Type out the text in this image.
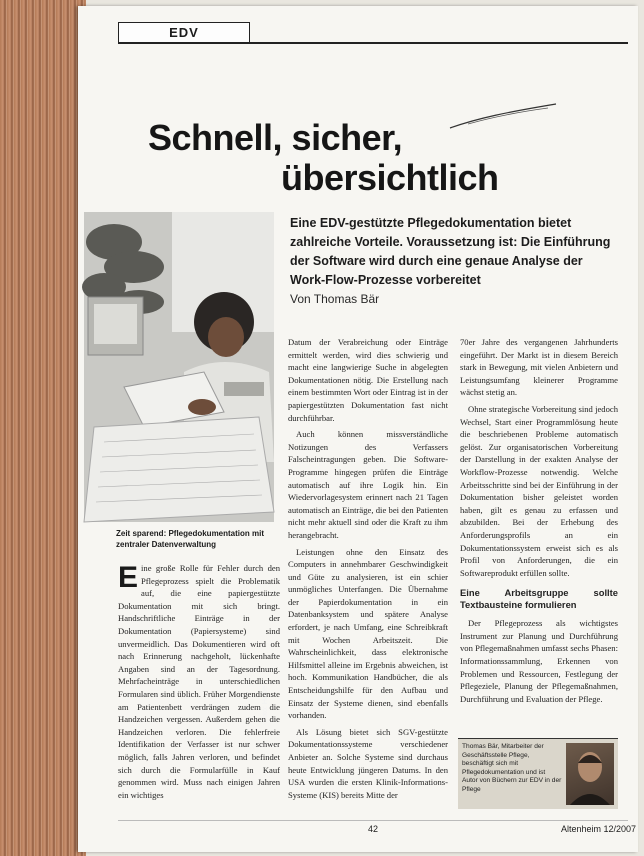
EDV
Schnell, sicher,
übersichtlich
Eine EDV-gestützte Pflegedokumentation bietet zahlreiche Vorteile. Voraussetzung ist: Die Einführung der Software wird durch eine genaue Analyse der Work-Flow-Prozesse vorbereitet
Von Thomas Bär
Foto: Halbe
Zeit sparend: Pflegedokumentation mit zentraler Datenverwaltung

Eine große Rolle für Fehler durch den Pflegeprozess spielt die Problematik auf, die eine papiergestützte Dokumentation mit sich bringt. Handschriftliche Einträge in der Dokumentation (Papiersysteme) sind unvermeidlich. Das Dokumentieren wird oft nach Erinnerung nachgeholt, lückenhafte Angaben sind an der Tagesordnung. Mehrfacheinträge in unterschiedlichen Formularen sind üblich. Früher Morgendienste am Patientenbett verdrängen zudem die Handzeichen vergessen. Außerdem gehen die Handzeichen verloren. Die fehlerfreie Identifikation der Verfasser ist nur schwer möglich, falls Jahren verloren, und befindet sich durch die Formularfülle in Kauf genommen wird. Muss nach einigen Jahren ein wichtiges

Datum der Verabreichung oder Einträge ermittelt werden, wird dies schwierig und macht eine langwierige Suche in abgelegten Dokumentationen nötig. Die Erstellung nach einem bestimmten Wort oder Eintrag ist in der papiergestützten Dokumentation fast nicht durchführbar.

Auch können missverständliche Notizungen des Verfassers Falscheintragungen geben. Die Software-Programme hingegen prüfen die Einträge automatisch auf ihre Logik hin. Ein Wiedervorlagesystem erinnert nach 21 Tagen automatisch an Einträge, die bei den Patienten nicht mehr aktuell sind oder die Kraft zu ihm herangebracht.

Leistungen ohne den Einsatz des Computers in annehmbarer Geschwindigkeit und Güte zu analysieren, ist ein schier unmögliches Unterfangen. Die Übernahme der Papierdokumentation in ein Datenbanksystem und spätere Analyse erfordert, je nach Umfang, eine Schreibkraft mit Wochen Arbeitszeit. Die Wahrscheinlichkeit, dass elektronische Hilfsmittel alleine im Ergebnis abweichen, ist hoch. Kommunikation Handbücher, die als Entscheidungshilfe für den Aufbau und Einsatz der Systeme dienen, sind ebenfalls vorhanden.

Als Lösung bietet sich SGV-gestützte Dokumentationssysteme verschiedener Anbieter an. Solche Systeme sind durchaus heute Entwicklung jüngeren Datums. In den USA wurden die ersten Klinik-Informations-Systeme (KIS) bereits Mitte der

70er Jahre des vergangenen Jahrhunderts eingeführt. Der Markt ist in diesem Bereich stark in Bewegung, mit vielen Anbietern und Leistungsumfang kleinerer Programme wächst stetig an.

Ohne strategische Vorbereitung sind jedoch Wechsel, Start einer Programmlösung heute die beschriebenen Probleme automatisch gelöst. Zur organisatorischen Vorbereitung der Darstellung in der exakten Analyse der Workflow-Prozesse notwendig. Welche Arbeitsschritte sind bei der Einführung in der Dokumentation bisher geleistet worden haben, gilt es genau zu erfassen und abzubilden. Bei der Erhebung des Anforderungsprofils an ein Dokumentationssystem erweist sich es als Profil von Anforderungen, die ein Softwareprodukt erfüllen sollte.

Eine Arbeitsgruppe sollte Textbausteine formulieren

Der Pflegeprozess als wichtigstes Instrument zur Planung und Durchführung von Pflegemaßnahmen umfasst sechs Phasen: Informationssammlung, Erkennen von Problemen und Ressourcen, Festlegung der Pflegeziele, Planung der Pflegemaßnahmen, Durchführung und Evaluation der Pflege.

Thomas Bär, Mitarbeiter der Geschäftsstelle Pflege, beschäftigt sich mit Pflegedokumentation und ist Autor von Büchern zur EDV in der Pflege
42	Altenheim 12/2007
